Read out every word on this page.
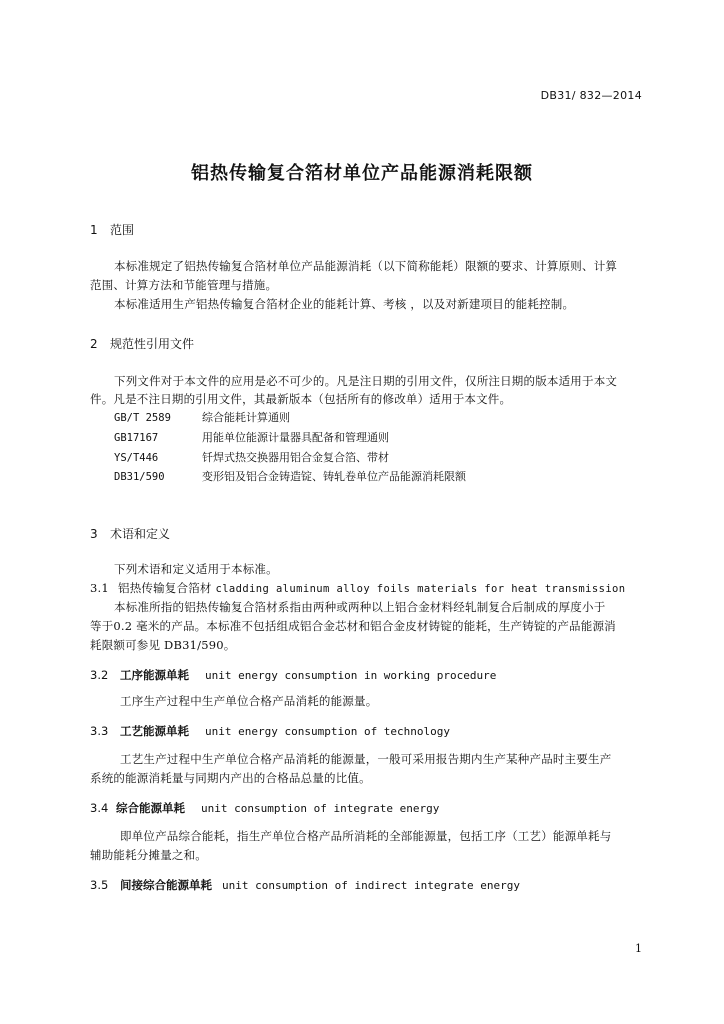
DB31/ 832—2014
铝热传输复合箔材单位产品能源消耗限额
1 范围
本标准规定了铝热传输复合箔材单位产品能源消耗（以下简称能耗）限额的要求、计算原则、计算
范围、计算方法和节能管理与措施。
本标准适用生产铝热传输复合箔材企业的能耗计算、考核 ，以及对新建项目的能耗控制。
2 规范性引用文件
下列文件对于本文件的应用是必不可少的。凡是注日期的引用文件，仅所注日期的版本适用于本文
件。凡是不注日期的引用文件，其最新版本（包括所有的修改单）适用于本文件。
GB/T 2589	综合能耗计算通则
GB17167	用能单位能源计量器具配备和管理通则
YS/T446	钎焊式热交换器用铝合金复合箔、带材
DB31/590	变形铝及铝合金铸造锭、铸轧卷单位产品能源消耗限额
3 术语和定义
下列术语和定义适用于本标准。
3.1 铝热传输复合箔材 cladding aluminum alloy foils materials for heat transmission
本标准所指的铝热传输复合箔材系指由两种或两种以上铝合金材料经轧制复合后制成的厚度小于
等于0.2 毫米的产品。本标准不包括组成铝合金芯材和铝合金皮材铸锭的能耗，生产铸锭的产品能源消
耗限额可参见 DB31/590。
3.2 工序能源单耗 unit energy consumption in working procedure
工序生产过程中生产单位合格产品消耗的能源量。
3.3 工艺能源单耗 unit energy consumption of technology
工艺生产过程中生产单位合格产品消耗的能源量，一般可采用报告期内生产某种产品时主要生产
系统的能源消耗量与同期内产出的合格品总量的比值。
3.4 综合能源单耗 unit consumption of integrate energy
即单位产品综合能耗，指生产单位合格产品所消耗的全部能源量，包括工序（工艺）能源单耗与
辅助能耗分摊量之和。
3.5 间接综合能源单耗 unit consumption of indirect integrate energy
1
